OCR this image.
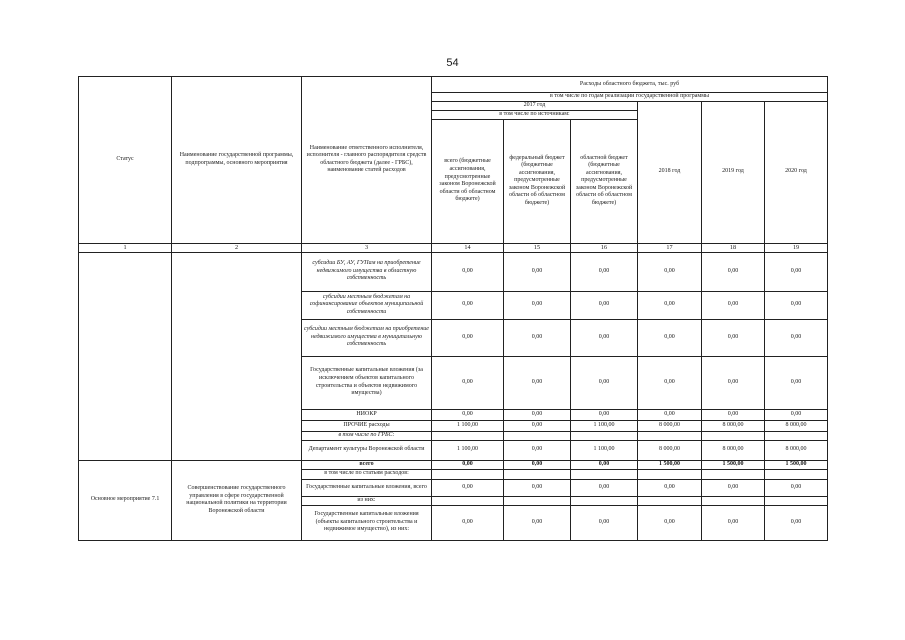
54
Статус	Наименование государственной программы, подпрограммы, основного мероприятия	Наименование ответственного исполнителя, исполнителя - главного распорядителя средств областного бюджета (далее - ГРБС), наименование статей расходов	Расходы областного бюджета, тыс. руб					
			в том числе по годам реализации государственной программы					
			2017 год			2018 год	2019 год	2020 год
			в том числе по источникам:					
			всего (бюджетные ассигнования, предусмотренные законом Воронежской области об областном бюджете)	федеральный бюджет (бюджетные ассигнования, предусмотренные законом Воронежской области об областном бюджете)	областной бюджет (бюджетные ассигнования, предусмотренные законом Воронежской области об областном бюджете)			
1	2	3	14	15	16	17	18	19
		субсидии БУ, АУ, ГУПам на приобретение недвижимого имущества в областную собственность	0,00	0,00	0,00	0,00	0,00	0,00
		субсидии местным бюджетам на софинансирование объектов муниципальной собственности	0,00	0,00	0,00	0,00	0,00	0,00
		субсидии местным бюджетам на приобретение недвижимого имущества в муниципальную собственность	0,00	0,00	0,00	0,00	0,00	0,00
		Государственные капитальные вложения (за исключением объектов капитального строительства и объектов недвижимого имущества)	0,00	0,00	0,00	0,00	0,00	0,00
		НИОКР	0,00	0,00	0,00	0,00	0,00	0,00
		ПРОЧИЕ расходы	1 100,00	0,00	1 100,00	8 000,00	8 000,00	8 000,00
		в том числе по ГРБС:						
		Департамент культуры Воронежской области	1 100,00	0,00	1 100,00	8 000,00	8 000,00	8 000,00
Основное мероприятие 7.1	Совершенствование государственного управления в сфере государственной национальной политики на территории Воронежской области	всего	0,00	0,00	0,00	1 500,00	1 500,00	1 500,00
		в том числе по статьям расходов:						
		Государственные капитальные вложения, всего	0,00	0,00	0,00	0,00	0,00	0,00
		из них:						
		Государственные капитальные вложения (объекты капитального строительства и недвижимое имущество), из них:	0,00	0,00	0,00	0,00	0,00	0,00
